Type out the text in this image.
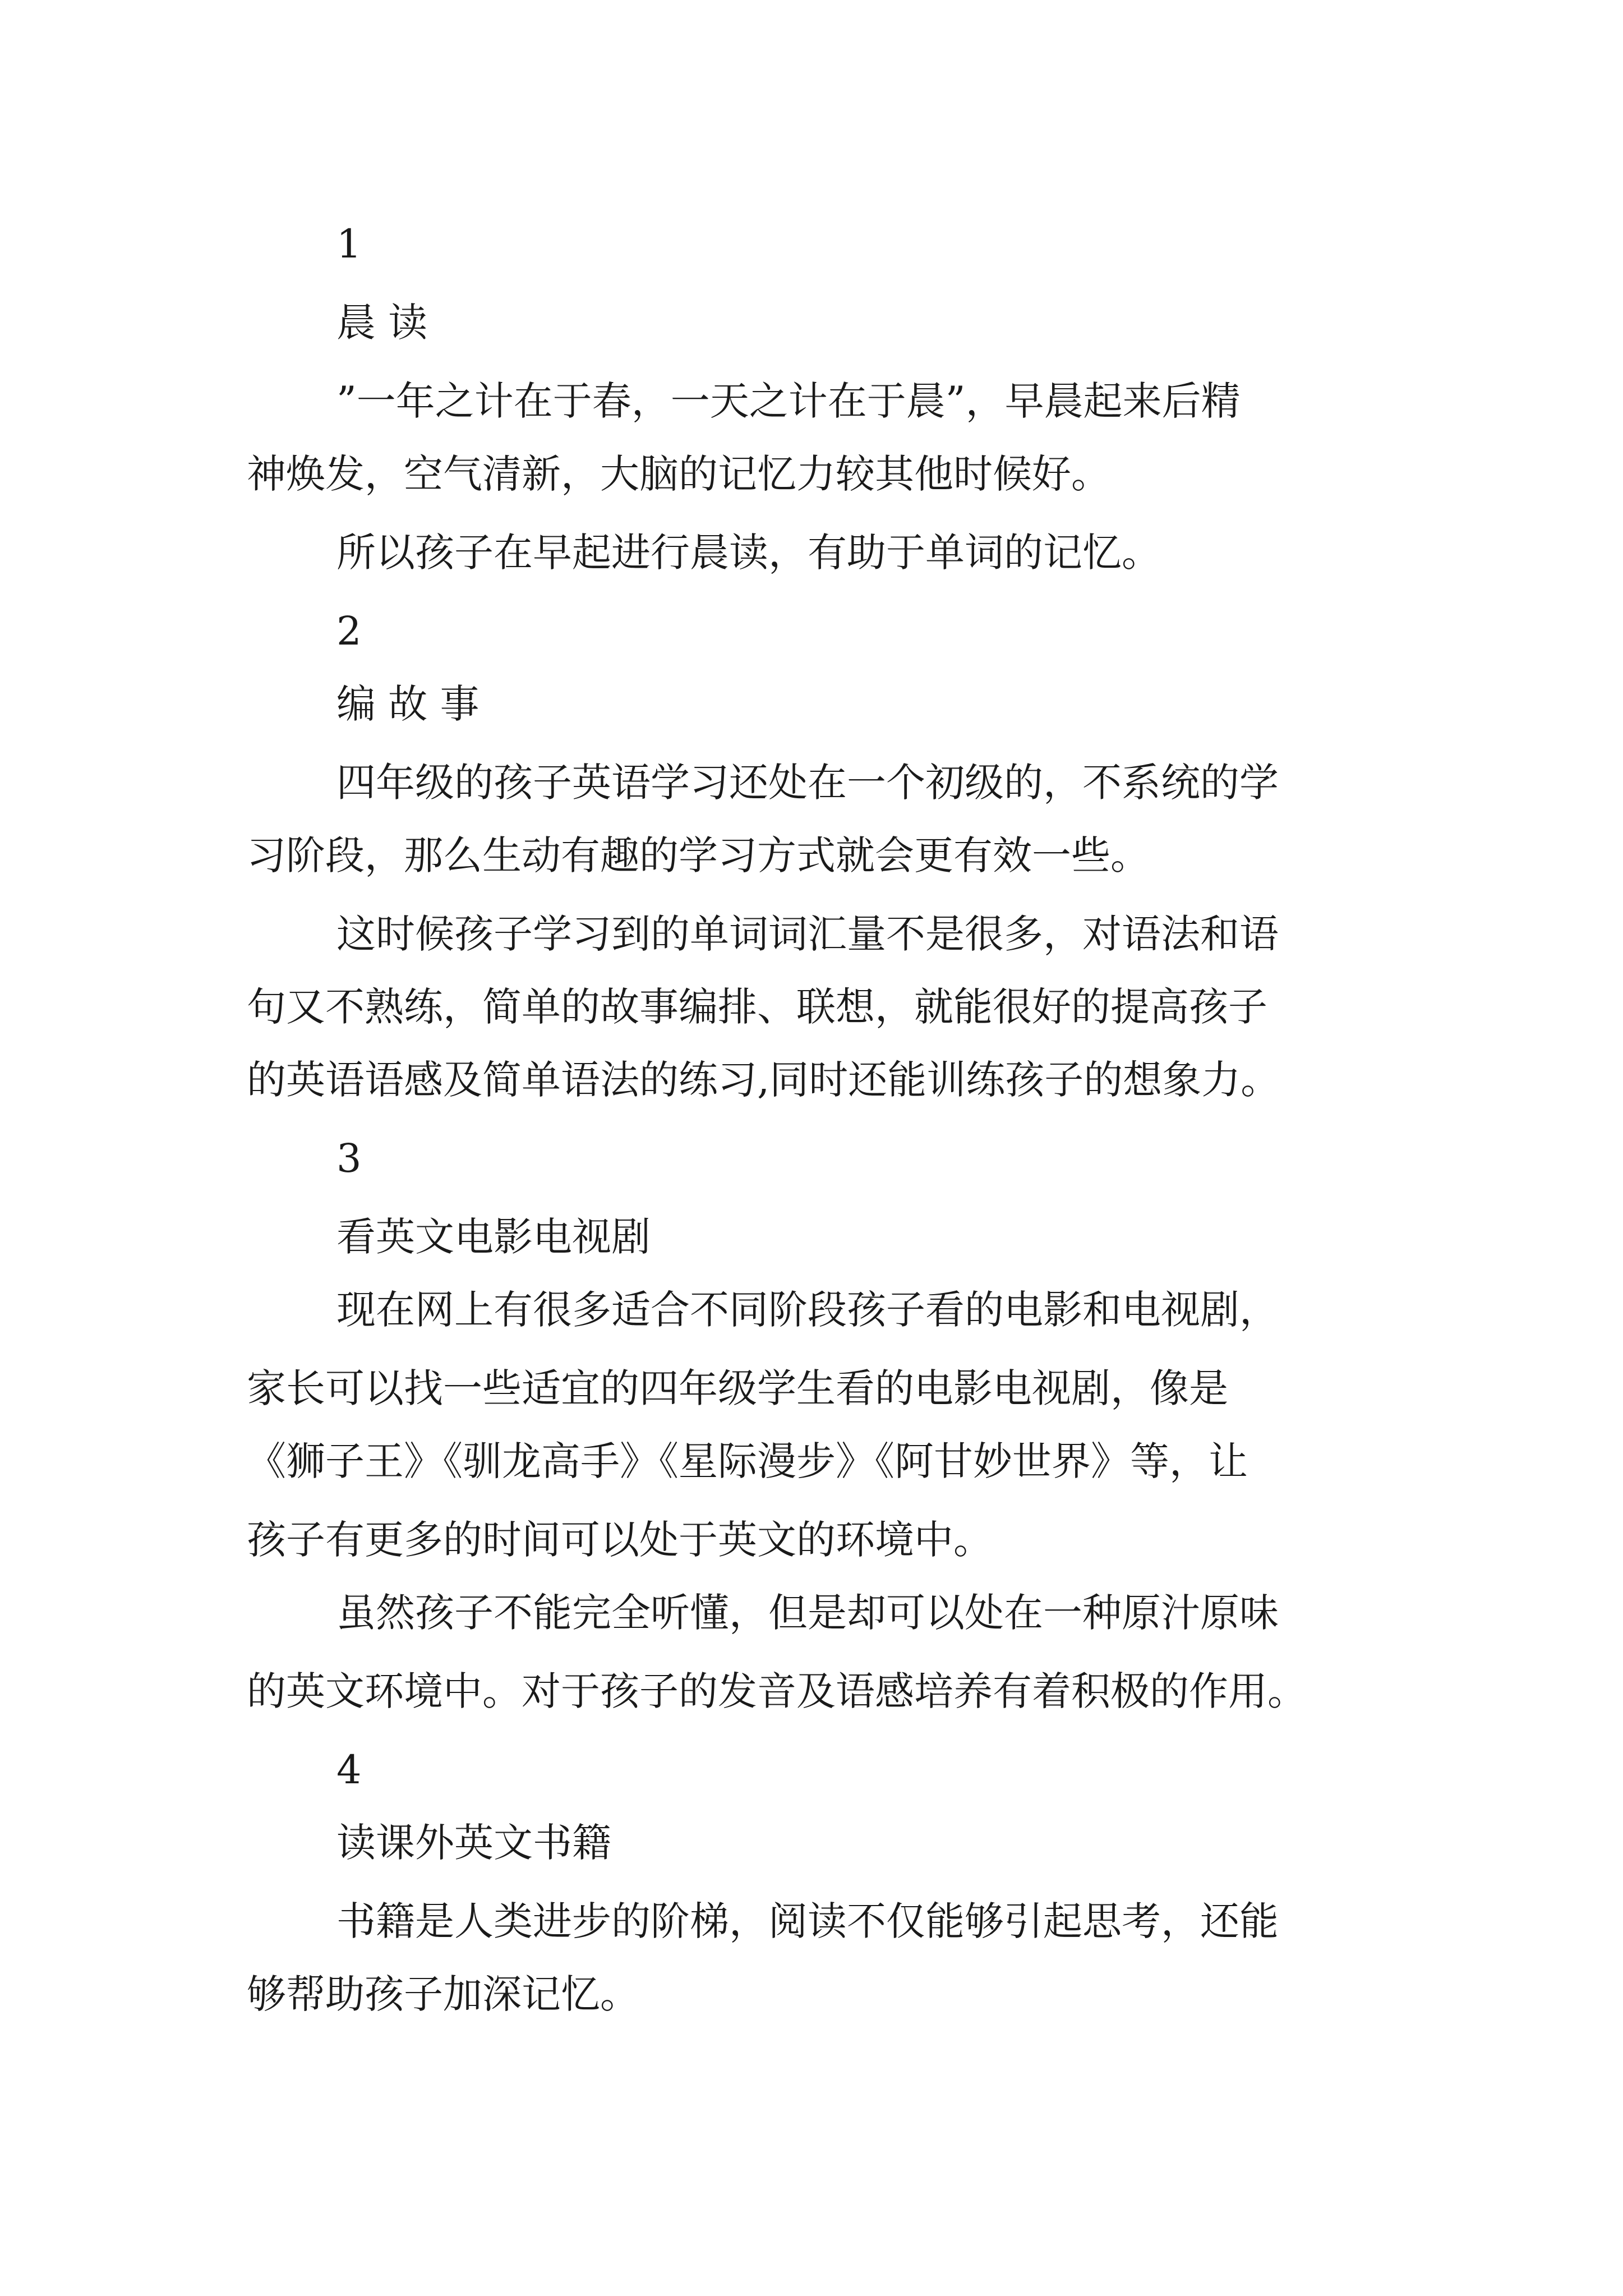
1
晨 读
”一年之计在于春，一天之计在于晨”，早晨起来后精
神焕发，空气清新，大脑的记忆力较其他时候好。
所以孩子在早起进行晨读，有助于单词的记忆。
2
编 故 事
四年级的孩子英语学习还处在一个初级的，不系统的学
习阶段，那么生动有趣的学习方式就会更有效一些。
这时候孩子学习到的单词词汇量不是很多，对语法和语
句又不熟练，简单的故事编排、联想，就能很好的提高孩子
的英语语感及简单语法的练习,同时还能训练孩子的想象力。
3
看英文电影电视剧
现在网上有很多适合不同阶段孩子看的电影和电视剧，
家长可以找一些适宜的四年级学生看的电影电视剧，像是
《狮子王》《驯龙高手》《星际漫步》《阿甘妙世界》等，让
孩子有更多的时间可以处于英文的环境中。
虽然孩子不能完全听懂，但是却可以处在一种原汁原味
的英文环境中。对于孩子的发音及语感培养有着积极的作用。
4
读课外英文书籍
书籍是人类进步的阶梯，阅读不仅能够引起思考，还能
够帮助孩子加深记忆。
